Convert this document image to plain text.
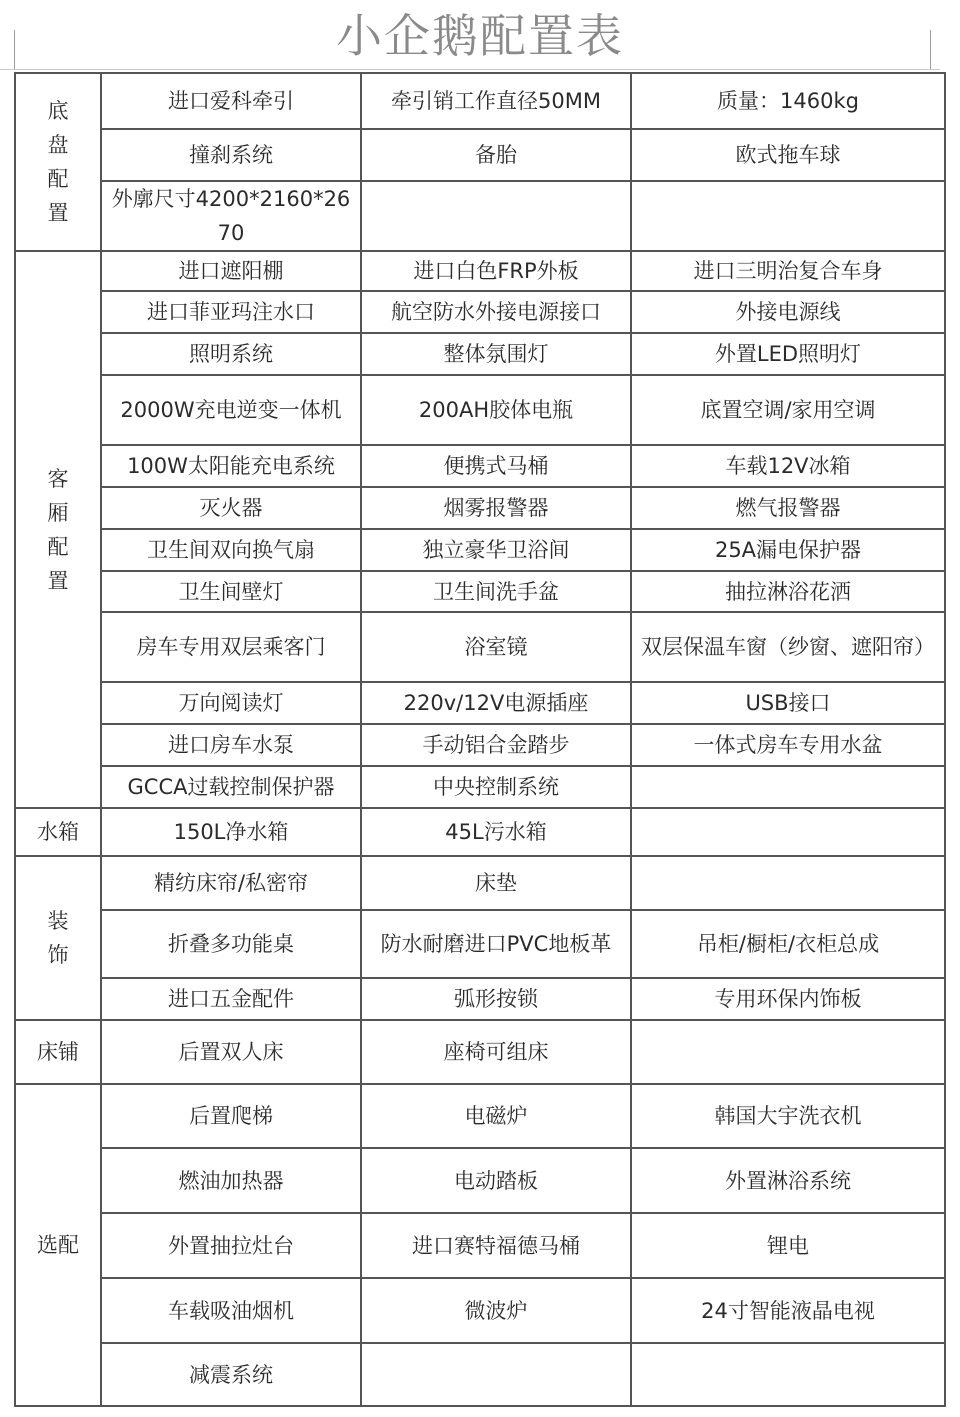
小企鹅配置表
底盘配置	进口爱科牵引	牵引销工作直径50MM	质量：1460kg
	撞刹系统	备胎	欧式拖车球
	外廓尺寸4200*2160*2670		
客厢配置	进口遮阳棚	进口白色FRP外板	进口三明治复合车身
	进口菲亚玛注水口	航空防水外接电源接口	外接电源线
	照明系统	整体氛围灯	外置LED照明灯
	2000W充电逆变一体机	200AH胶体电瓶	底置空调/家用空调
	100W太阳能充电系统	便携式马桶	车载12V冰箱
	灭火器	烟雾报警器	燃气报警器
	卫生间双向换气扇	独立豪华卫浴间	25A漏电保护器
	卫生间壁灯	卫生间洗手盆	抽拉淋浴花洒
	房车专用双层乘客门	浴室镜	双层保温车窗（纱窗、遮阳帘）
	万向阅读灯	220v/12V电源插座	USB接口
	进口房车水泵	手动铝合金踏步	一体式房车专用水盆
	GCCA过载控制保护器	中央控制系统	
水箱	150L净水箱	45L污水箱	
装饰	精纺床帘/私密帘	床垫	
	折叠多功能桌	防水耐磨进口PVC地板革	吊柜/橱柜/衣柜总成
	进口五金配件	弧形按锁	专用环保内饰板
床铺	后置双人床	座椅可组床	
选配	后置爬梯	电磁炉	韩国大宇洗衣机
	燃油加热器	电动踏板	外置淋浴系统
	外置抽拉灶台	进口赛特福德马桶	锂电
	车载吸油烟机	微波炉	24寸智能液晶电视
	减震系统		
